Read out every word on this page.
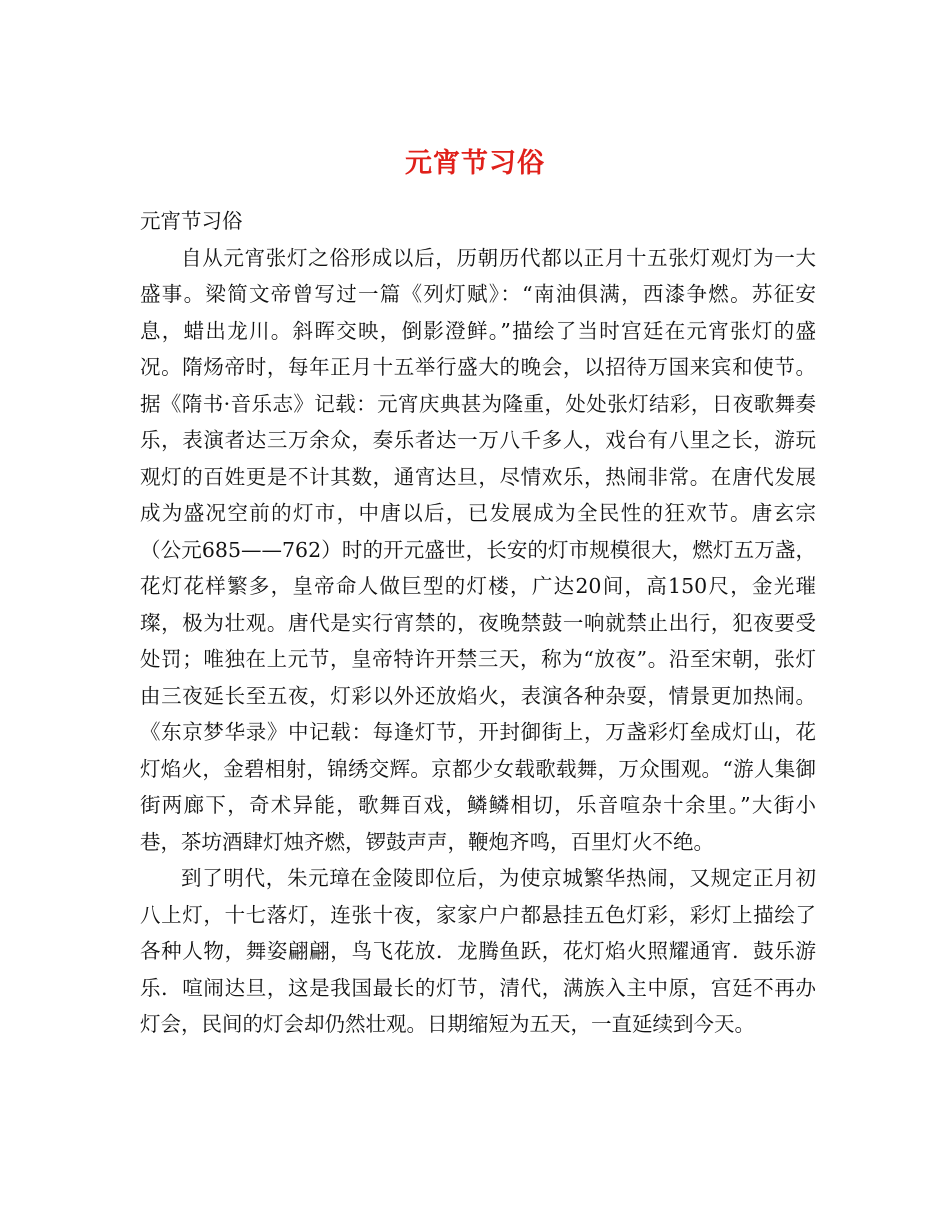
元宵节习俗

元宵节习俗

自从元宵张灯之俗形成以后，历朝历代都以正月十五张灯观灯为一大盛事。梁简文帝曾写过一篇《列灯赋》：“南油俱满，西漆争燃。苏征安息，蜡出龙川。斜晖交映，倒影澄鲜。”描绘了当时宫廷在元宵张灯的盛况。隋炀帝时，每年正月十五举行盛大的晚会，以招待万国来宾和使节。据《隋书·音乐志》记载：元宵庆典甚为隆重，处处张灯结彩，日夜歌舞奏乐，表演者达三万余众，奏乐者达一万八千多人，戏台有八里之长，游玩观灯的百姓更是不计其数，通宵达旦，尽情欢乐，热闹非常。在唐代发展成为盛况空前的灯市，中唐以后，已发展成为全民性的狂欢节。唐玄宗（公元685——762）时的开元盛世，长安的灯市规模很大，燃灯五万盏，花灯花样繁多，皇帝命人做巨型的灯楼，广达20间，高150尺，金光璀璨，极为壮观。唐代是实行宵禁的，夜晚禁鼓一响就禁止出行，犯夜要受处罚；唯独在上元节，皇帝特许开禁三天，称为“放夜”。沿至宋朝，张灯由三夜延长至五夜，灯彩以外还放焰火，表演各种杂耍，情景更加热闹。《东京梦华录》中记载：每逢灯节，开封御街上，万盏彩灯垒成灯山，花灯焰火，金碧相射，锦绣交辉。京都少女载歌载舞，万众围观。“游人集御街两廊下，奇术异能，歌舞百戏，鳞鳞相切，乐音喧杂十余里。”大街小巷，茶坊酒肆灯烛齐燃，锣鼓声声，鞭炮齐鸣，百里灯火不绝。

到了明代，朱元璋在金陵即位后，为使京城繁华热闹，又规定正月初八上灯，十七落灯，连张十夜，家家户户都悬挂五色灯彩，彩灯上描绘了各种人物，舞姿翩翩，鸟飞花放．龙腾鱼跃，花灯焰火照耀通宵．鼓乐游乐．喧闹达旦，这是我国最长的灯节，清代，满族入主中原，宫廷不再办灯会，民间的灯会却仍然壮观。日期缩短为五天，一直延续到今天。
